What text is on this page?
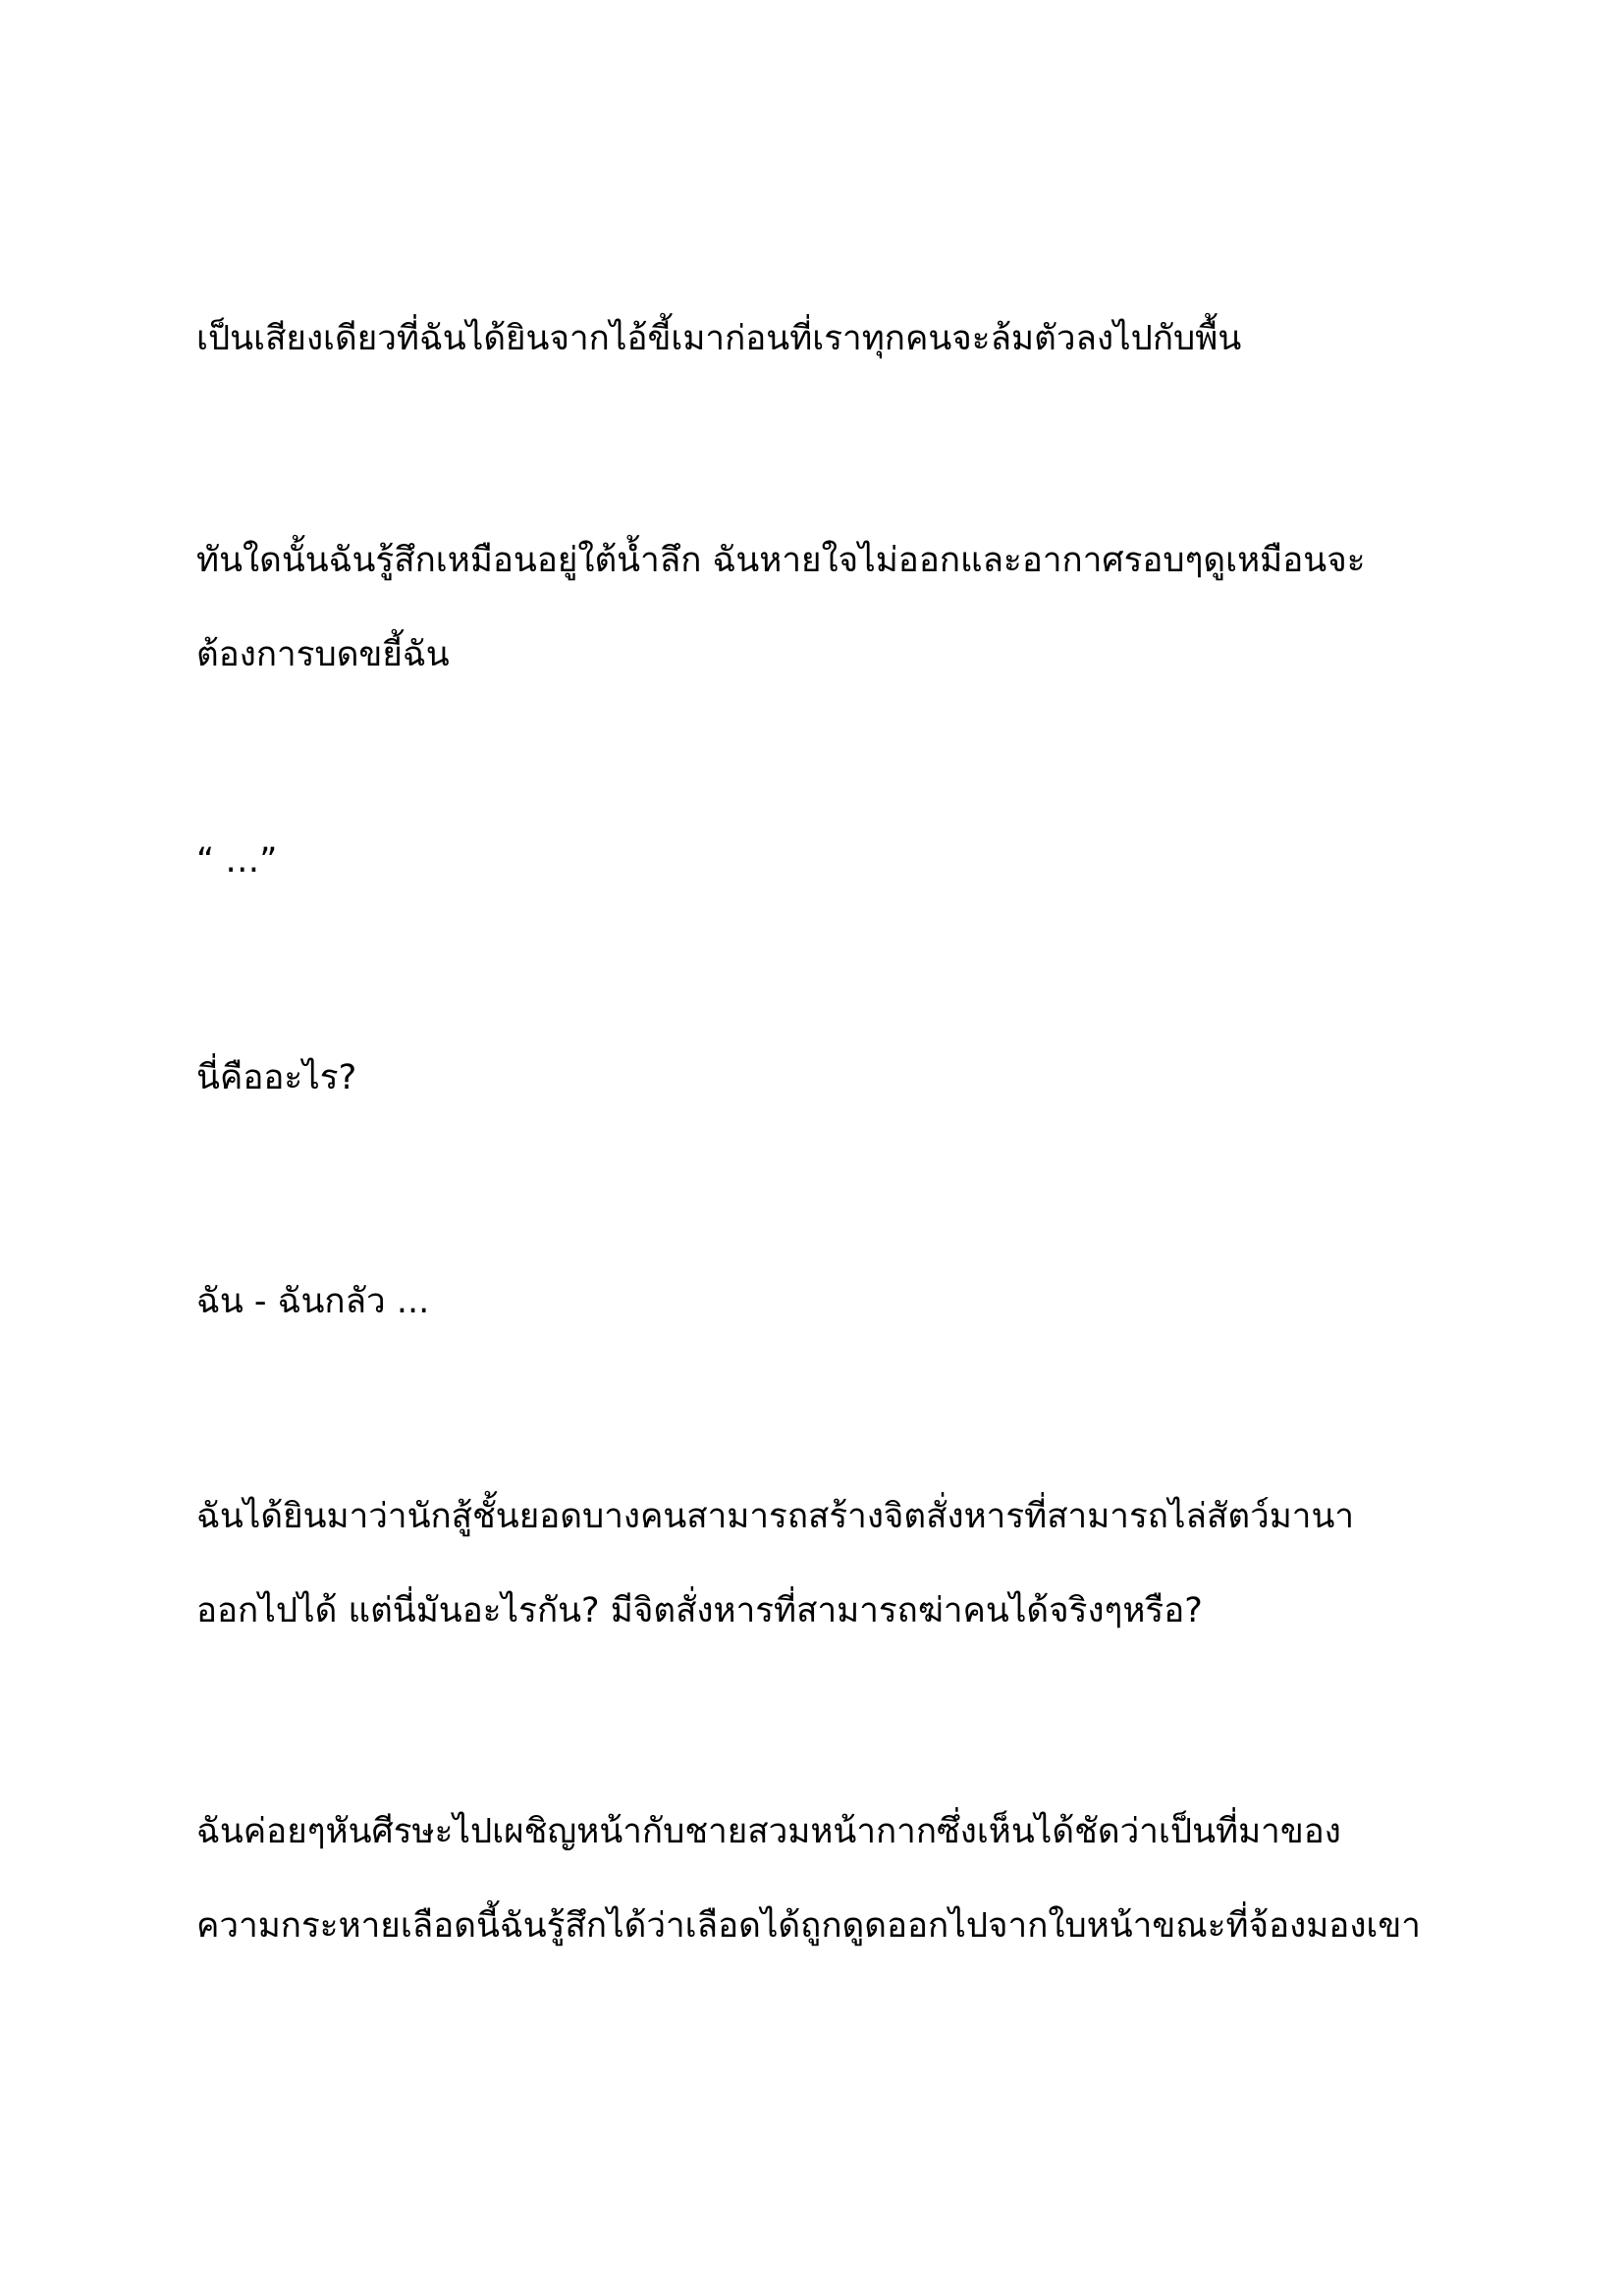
เป็นเสียงเดียวที่ฉันได้ยินจากไอ้ขี้เมาก่อนที่เราทุกคนจะล้มตัวลงไปกับพื้น

ทันใดนั้นฉันรู้สึกเหมือนอยู่ใต้น้ำลึก ฉันหายใจไม่ออกและอากาศรอบๆดูเหมือนจะ
ต้องการบดขยี้ฉัน

“ …”

นี่คืออะไร?

ฉัน - ฉันกลัว ...

ฉันได้ยินมาว่านักสู้ชั้นยอดบางคนสามารถสร้างจิตสั่งหารที่สามารถไล่สัตว์มานา
ออกไปได้ แต่นี่มันอะไรกัน? มีจิตสั่งหารที่สามารถฆ่าคนได้จริงๆหรือ?

ฉันค่อยๆหันศีรษะไปเผชิญหน้ากับชายสวมหน้ากากซึ่งเห็นได้ชัดว่าเป็นที่มาของ
ความกระหายเลือดนี้ฉันรู้สึกได้ว่าเลือดได้ถูกดูดออกไปจากใบหน้าขณะที่จ้องมองเขา
